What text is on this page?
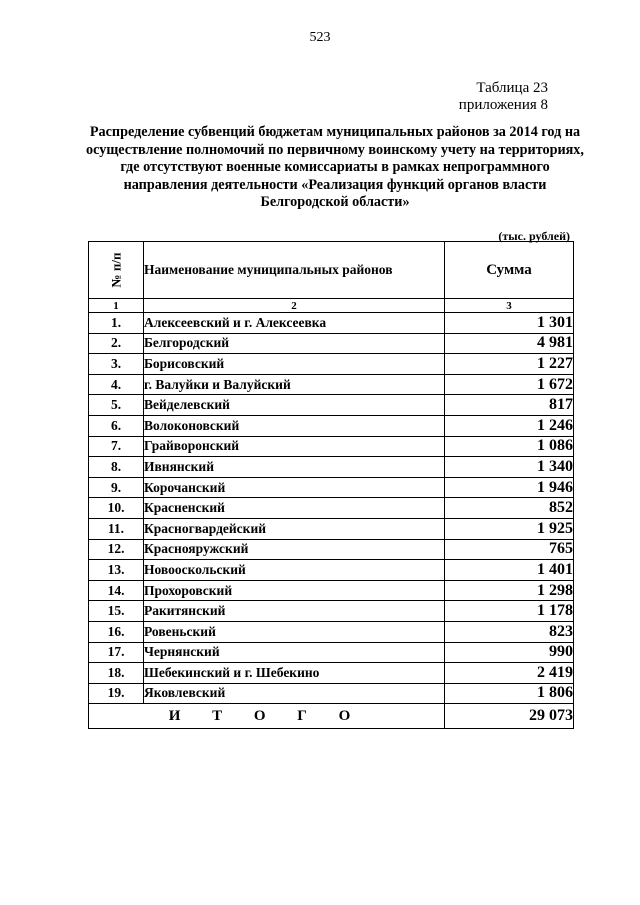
523
Таблица 23
приложения 8
Распределение субвенций бюджетам муниципальных районов за 2014 год на осуществление полномочий по первичному воинскому учету на территориях, где отсутствуют военные комиссариаты в рамках непрограммного направления деятельности «Реализация функций органов власти Белгородской области»
(тыс. рублей)
№ п/п	Наименование муниципальных районов	Сумма
1	2	3
1.	Алексеевский и г. Алексеевка	1 301
2.	Белгородский	4 981
3.	Борисовский	1 227
4.	г. Валуйки и Валуйский	1 672
5.	Вейделевский	817
6.	Волоконовский	1 246
7.	Грайворонский	1 086
8.	Ивнянский	1 340
9.	Корочанский	1 946
10.	Красненский	852
11.	Красногвардейский	1 925
12.	Краснояружский	765
13.	Новооскольский	1 401
14.	Прохоровский	1 298
15.	Ракитянский	1 178
16.	Ровеньский	823
17.	Чернянский	990
18.	Шебекинский и г. Шебекино	2 419
19.	Яковлевский	1 806
И Т О Г О		29 073
